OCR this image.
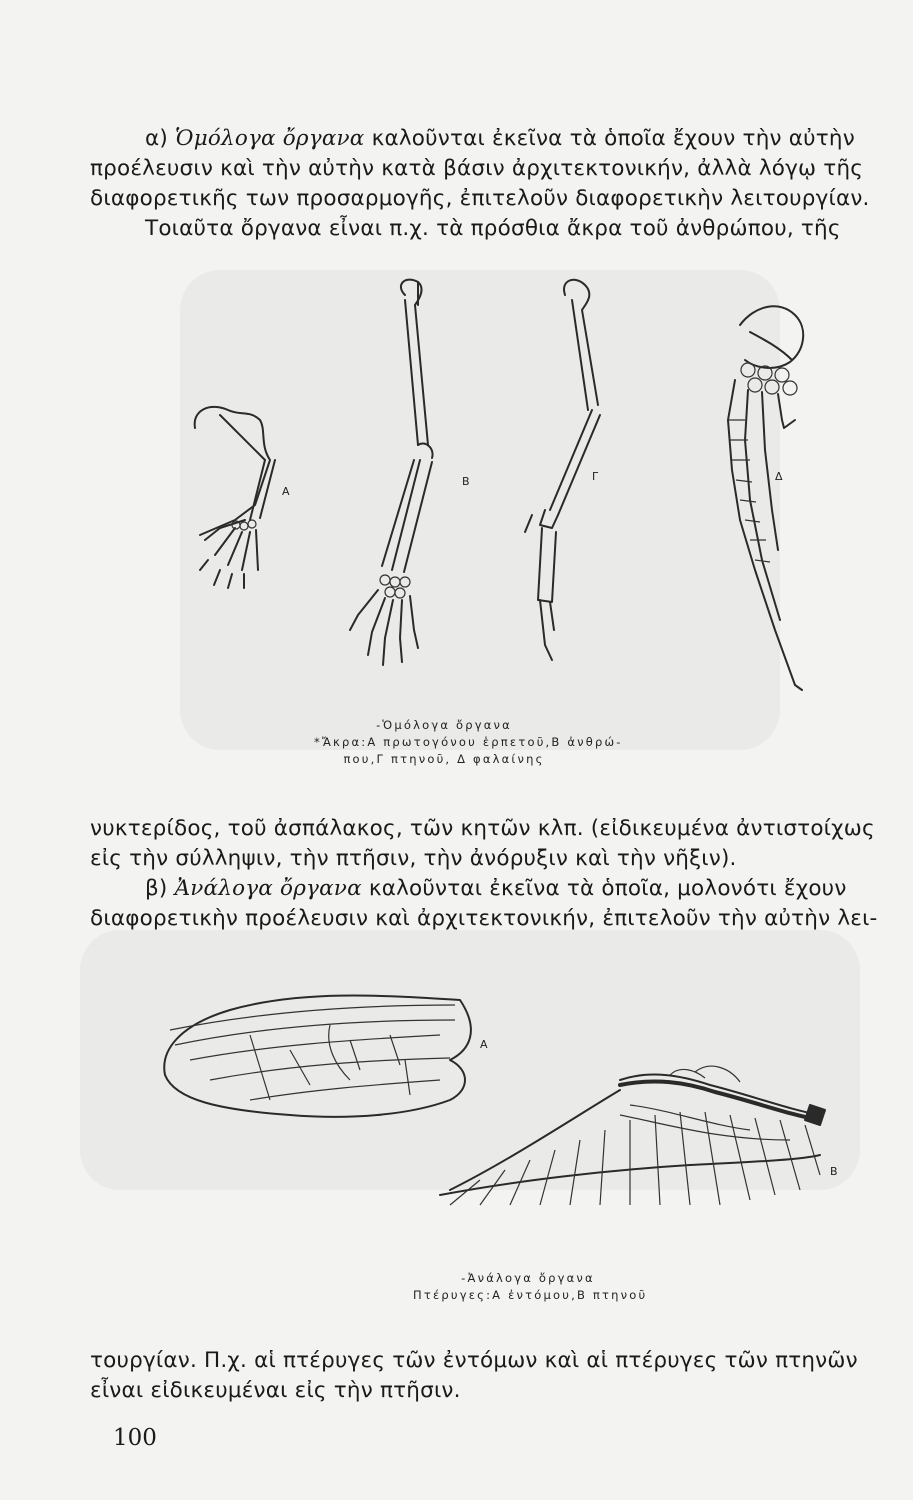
α) Ὁμόλογα ὄργανα καλοῦνται ἐκεῖνα τὰ ὁποῖα ἔχουν τὴν αὐτὴν
προέλευσιν καὶ τὴν αὐτὴν κατὰ βάσιν ἀρχιτεκτονικήν, ἀλλὰ λόγῳ τῆς
διαφορετικῆς των προσαρμογῆς, ἐπιτελοῦν διαφορετικὴν λειτουργίαν.
Τοιαῦτα ὄργανα εἶναι π.χ. τὰ πρόσθια ἄκρα τοῦ ἀνθρώπου, τῆς
Α
Β	Γ	Δ
-Ὁμόλογα ὄργανα
*Ἄκρα:Α πρωτογόνου ἑρπετοῦ,Β ἀνθρώ-
που,Γ πτηνοῦ, Δ φαλαίνης
νυκτερίδος, τοῦ ἀσπάλακος, τῶν κητῶν κλπ. (εἰδικευμένα ἀντιστοίχως
εἰς τὴν σύλληψιν, τὴν πτῆσιν, τὴν ἀνόρυξιν καὶ τὴν νῆξιν).
β) Ἀνάλογα ὄργανα καλοῦνται ἐκεῖνα τὰ ὁποῖα, μολονότι ἔχουν
διαφορετικὴν προέλευσιν καὶ ἀρχιτεκτονικήν, ἐπιτελοῦν τὴν αὐτὴν λει-
Α
Β
-Ἀνάλογα ὄργανα
Πτέρυγες:Α ἐντόμου,Β πτηνοῦ
τουργίαν. Π.χ. αἱ πτέρυγες τῶν ἐντόμων καὶ αἱ πτέρυγες τῶν πτηνῶν
εἶναι εἰδικευμέναι εἰς τὴν πτῆσιν.
100
